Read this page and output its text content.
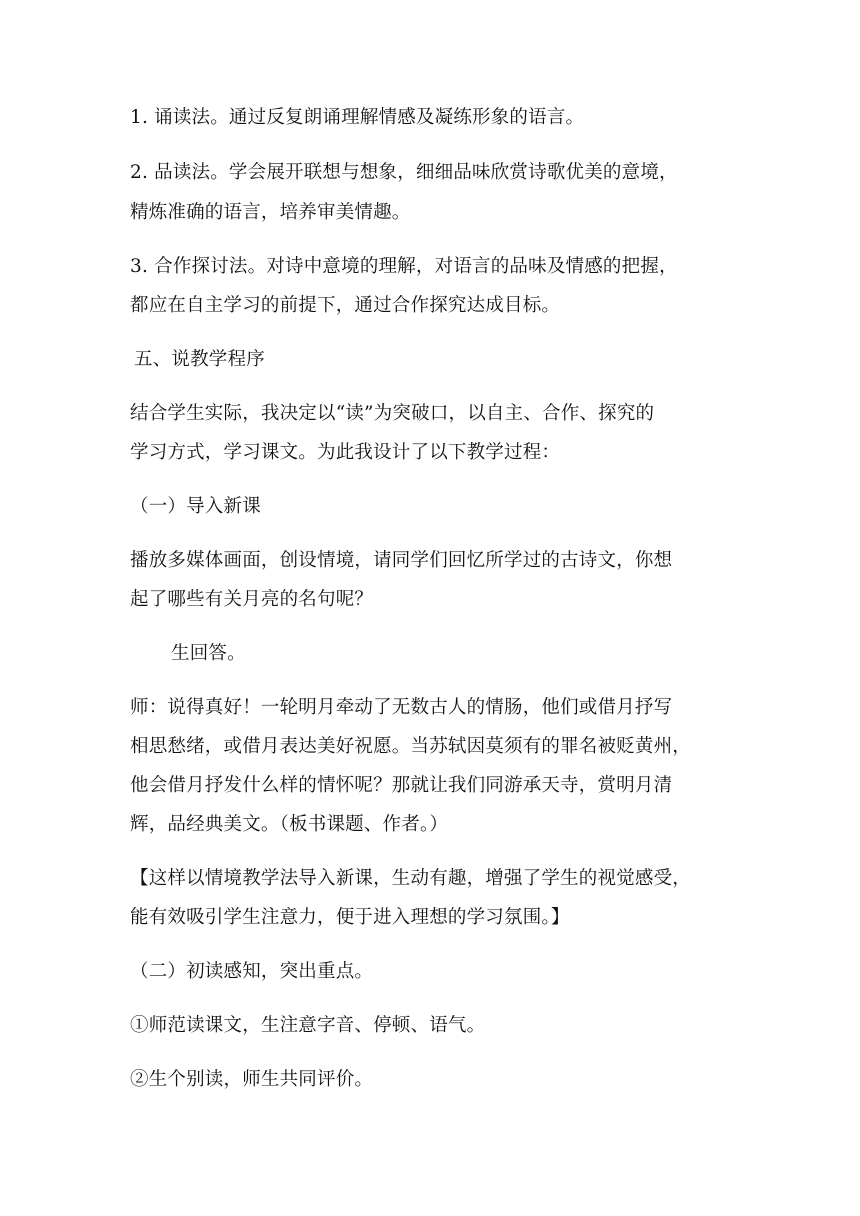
1. 诵读法。通过反复朗诵理解情感及凝练形象的语言。
2. 品读法。学会展开联想与想象，细细品味欣赏诗歌优美的意境，
精炼准确的语言，培养审美情趣。
3. 合作探讨法。对诗中意境的理解，对语言的品味及情感的把握，
都应在自主学习的前提下，通过合作探究达成目标。
五、说教学程序
结合学生实际，我决定以“读”为突破口，以自主、合作、探究的
学习方式，学习课文。为此我设计了以下教学过程：
（一）导入新课
播放多媒体画面，创设情境，请同学们回忆所学过的古诗文，你想
起了哪些有关月亮的名句呢？
生回答。
师：说得真好！一轮明月牵动了无数古人的情肠，他们或借月抒写
相思愁绪，或借月表达美好祝愿。当苏轼因莫须有的罪名被贬黄州，
他会借月抒发什么样的情怀呢？那就让我们同游承天寺，赏明月清
辉，品经典美文。（板书课题、作者。）
【这样以情境教学法导入新课，生动有趣，增强了学生的视觉感受，
能有效吸引学生注意力，便于进入理想的学习氛围。】
（二）初读感知，突出重点。
①师范读课文，生注意字音、停顿、语气。
②生个别读，师生共同评价。
